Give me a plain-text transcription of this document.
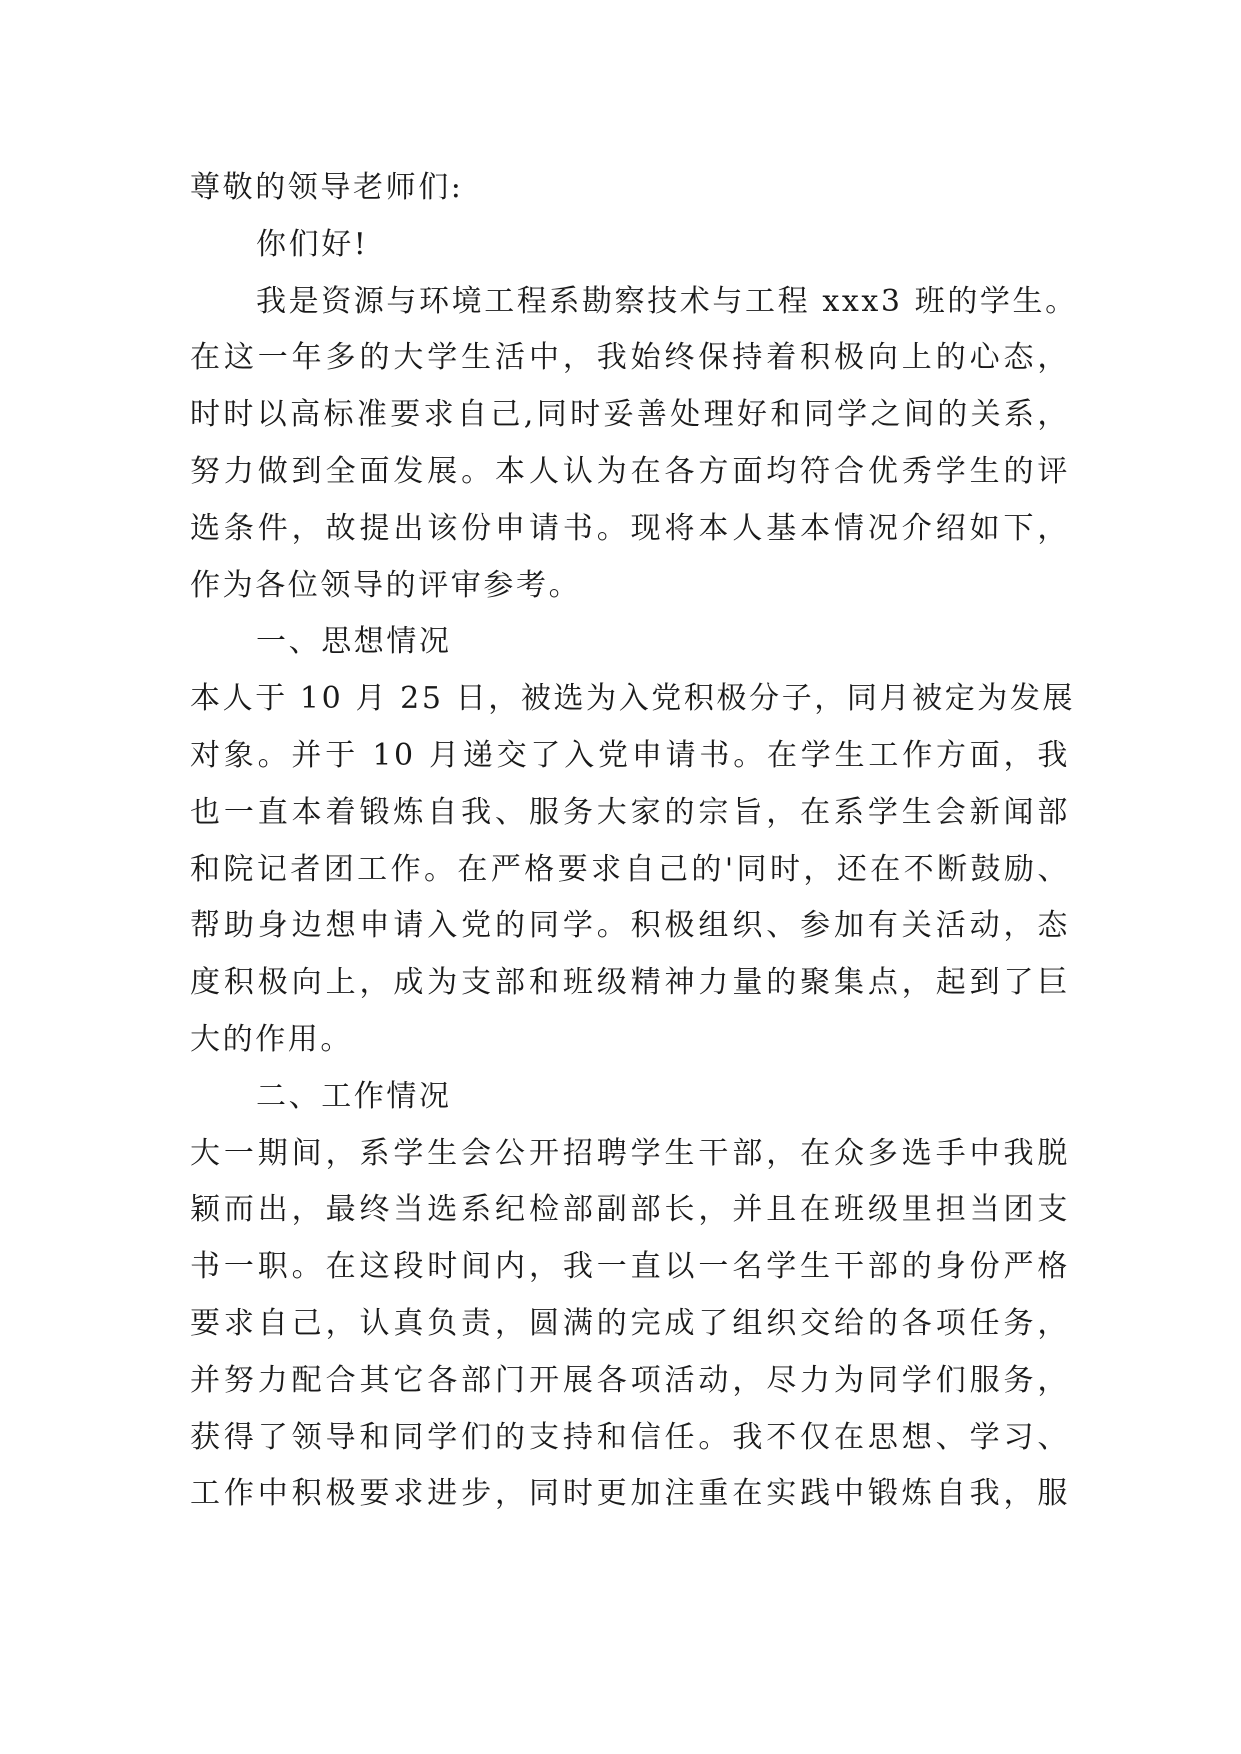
尊敬的领导老师们:
你们好!
我是资源与环境工程系勘察技术与工程 xxx3 班的学生。
在这一年多的大学生活中，我始终保持着积极向上的心态，
时时以高标准要求自己,同时妥善处理好和同学之间的关系，
努力做到全面发展。本人认为在各方面均符合优秀学生的评
选条件，故提出该份申请书。现将本人基本情况介绍如下，
作为各位领导的评审参考。
一、思想情况
本人于 10 月 25 日，被选为入党积极分子，同月被定为发展
对象。并于 10 月递交了入党申请书。在学生工作方面，我
也一直本着锻炼自我、服务大家的宗旨，在系学生会新闻部
和院记者团工作。在严格要求自己的'同时，还在不断鼓励、
帮助身边想申请入党的同学。积极组织、参加有关活动，态
度积极向上，成为支部和班级精神力量的聚集点，起到了巨
大的作用。
二、工作情况
大一期间，系学生会公开招聘学生干部，在众多选手中我脱
颖而出，最终当选系纪检部副部长，并且在班级里担当团支
书一职。在这段时间内，我一直以一名学生干部的身份严格
要求自己，认真负责，圆满的完成了组织交给的各项任务，
并努力配合其它各部门开展各项活动，尽力为同学们服务，
获得了领导和同学们的支持和信任。我不仅在思想、学习、
工作中积极要求进步，同时更加注重在实践中锻炼自我，服
